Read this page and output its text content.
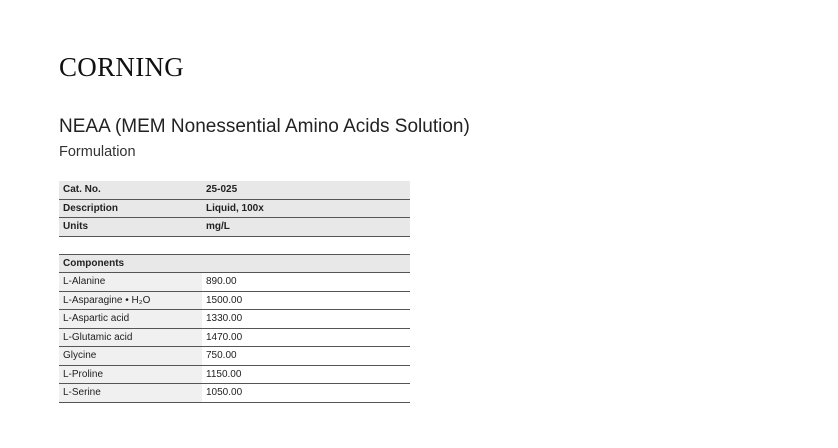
CORNING
NEAA (MEM Nonessential Amino Acids Solution)
Formulation
Cat. No.	25-025
Description	Liquid, 100x
Units	mg/L

Components	
L-Alanine	890.00
L-Asparagine • H₂O	1500.00
L-Aspartic acid	1330.00
L-Glutamic acid	1470.00
Glycine	750.00
L-Proline	1150.00
L-Serine	1050.00
